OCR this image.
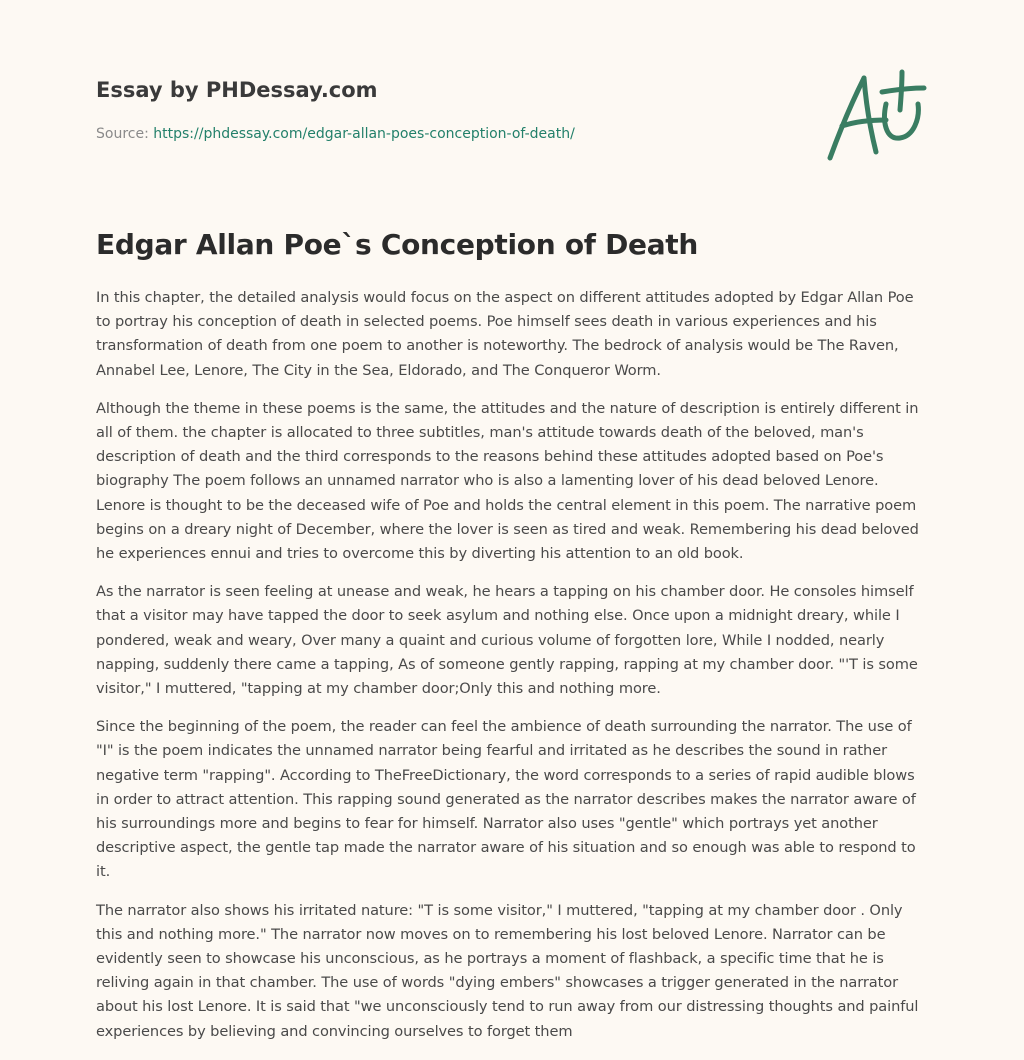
Essay by PHDessay.com
Source: https://phdessay.com/edgar-allan-poes-conception-of-death/
Edgar Allan Poe`s Conception of Death

In this chapter, the detailed analysis would focus on the aspect on different attitudes adopted by Edgar Allan Poe to portray his conception of death in selected poems. Poe himself sees death in various experiences and his transformation of death from one poem to another is noteworthy. The bedrock of analysis would be The Raven, Annabel Lee, Lenore, The City in the Sea, Eldorado, and The Conqueror Worm.

Although the theme in these poems is the same, the attitudes and the nature of description is entirely different in all of them. the chapter is allocated to three subtitles, man's attitude towards death of the beloved, man's description of death and the third corresponds to the reasons behind these attitudes adopted based on Poe's biography The poem follows an unnamed narrator who is also a lamenting lover of his dead beloved Lenore. Lenore is thought to be the deceased wife of Poe and holds the central element in this poem. The narrative poem begins on a dreary night of December, where the lover is seen as tired and weak. Remembering his dead beloved he experiences ennui and tries to overcome this by diverting his attention to an old book.

As the narrator is seen feeling at unease and weak, he hears a tapping on his chamber door. He consoles himself that a visitor may have tapped the door to seek asylum and nothing else. Once upon a midnight dreary, while I pondered, weak and weary, Over many a quaint and curious volume of forgotten lore, While I nodded, nearly napping, suddenly there came a tapping, As of someone gently rapping, rapping at my chamber door. "'T is some visitor," I muttered, "tapping at my chamber door;Only this and nothing more.

Since the beginning of the poem, the reader can feel the ambience of death surrounding the narrator. The use of "I" is the poem indicates the unnamed narrator being fearful and irritated as he describes the sound in rather negative term "rapping". According to TheFreeDictionary, the word corresponds to a series of rapid audible blows in order to attract attention. This rapping sound generated as the narrator describes makes the narrator aware of his surroundings more and begins to fear for himself. Narrator also uses "gentle" which portrays yet another descriptive aspect, the gentle tap made the narrator aware of his situation and so enough was able to respond to it.

The narrator also shows his irritated nature: "T is some visitor," I muttered, "tapping at my chamber door . Only this and nothing more." The narrator now moves on to remembering his lost beloved Lenore. Narrator can be evidently seen to showcase his unconscious, as he portrays a moment of flashback, a specific time that he is reliving again in that chamber. The use of words "dying embers" showcases a trigger generated in the narrator about his lost Lenore. It is said that "we unconsciously tend to run away from our distressing thoughts and painful experiences by believing and convincing ourselves to forget them
